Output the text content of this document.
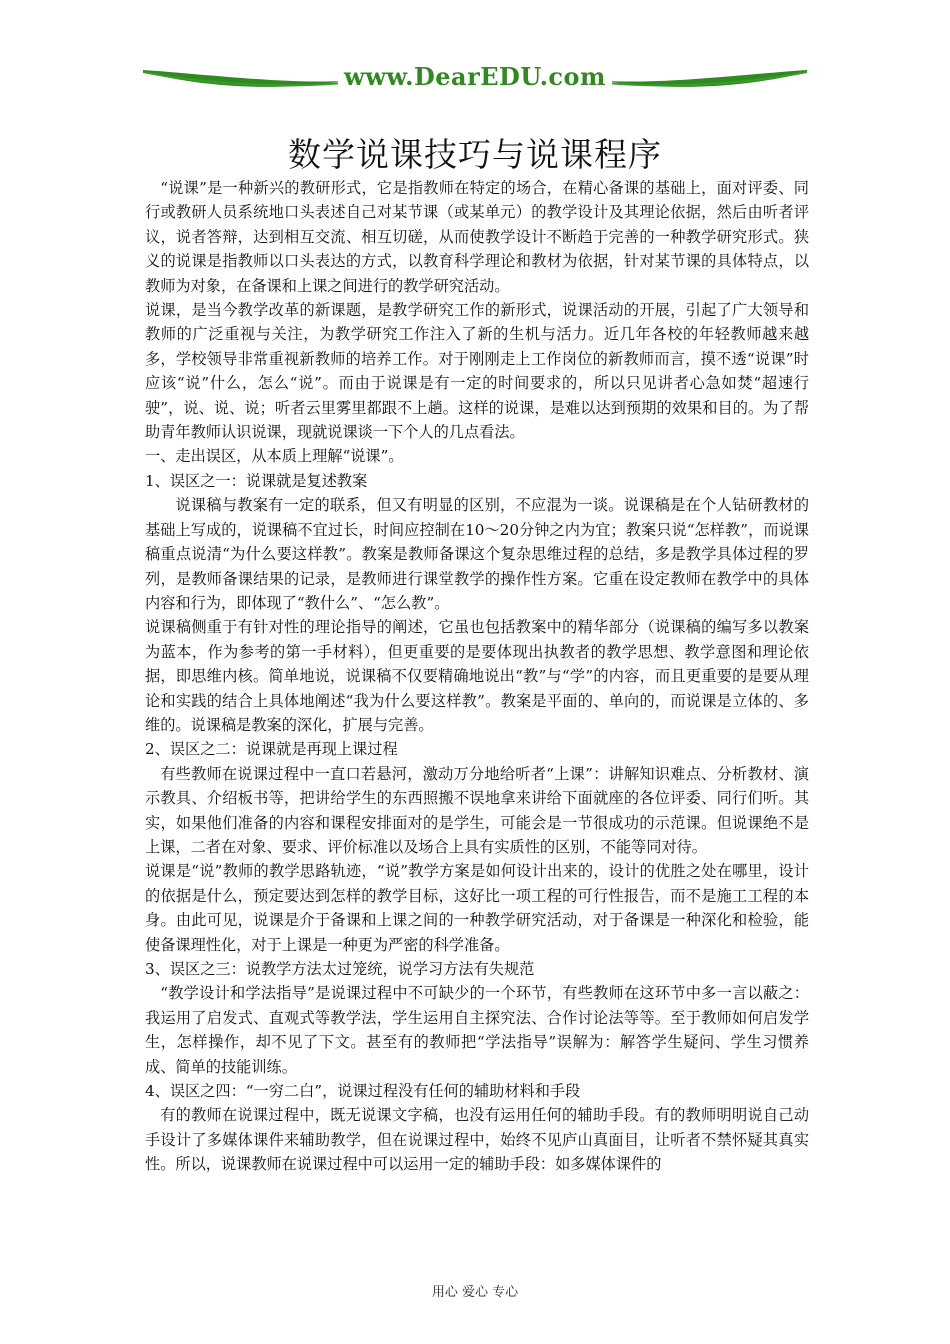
www.DearEDU.com
数学说课技巧与说课程序

“说课”是一种新兴的教研形式，它是指教师在特定的场合，在精心备课的基础上，面对评委、同行或教研人员系统地口头表述自己对某节课（或某单元）的教学设计及其理论依据，然后由听者评议，说者答辩，达到相互交流、相互切磋，从而使教学设计不断趋于完善的一种教学研究形式。狭义的说课是指教师以口头表达的方式，以教育科学理论和教材为依据，针对某节课的具体特点，以教师为对象，在备课和上课之间进行的教学研究活动。

说课，是当今教学改革的新课题，是教学研究工作的新形式，说课活动的开展，引起了广大领导和教师的广泛重视与关注，为教学研究工作注入了新的生机与活力。近几年各校的年轻教师越来越多，学校领导非常重视新教师的培养工作。对于刚刚走上工作岗位的新教师而言，摸不透“说课”时应该“说”什么，怎么“说”。而由于说课是有一定的时间要求的，所以只见讲者心急如焚“超速行驶”，说、说、说；听者云里雾里都跟不上趟。这样的说课，是难以达到预期的效果和目的。为了帮助青年教师认识说课，现就说课谈一下个人的几点看法。

一、走出误区，从本质上理解“说课”。

1、误区之一：说课就是复述教案

说课稿与教案有一定的联系，但又有明显的区别，不应混为一谈。说课稿是在个人钻研教材的基础上写成的，说课稿不宜过长，时间应控制在10～20分钟之内为宜；教案只说“怎样教”，而说课稿重点说清“为什么要这样教”。教案是教师备课这个复杂思维过程的总结，多是教学具体过程的罗列，是教师备课结果的记录，是教师进行课堂教学的操作性方案。它重在设定教师在教学中的具体内容和行为，即体现了“教什么”、“怎么教”。

说课稿侧重于有针对性的理论指导的阐述，它虽也包括教案中的精华部分（说课稿的编写多以教案为蓝本，作为参考的第一手材料），但更重要的是要体现出执教者的教学思想、教学意图和理论依据，即思维内核。简单地说，说课稿不仅要精确地说出“教”与“学”的内容，而且更重要的是要从理论和实践的结合上具体地阐述“我为什么要这样教”。教案是平面的、单向的，而说课是立体的、多维的。说课稿是教案的深化，扩展与完善。

2、误区之二：说课就是再现上课过程

有些教师在说课过程中一直口若悬河，激动万分地给听者“上课”：讲解知识难点、分析教材、演示教具、介绍板书等，把讲给学生的东西照搬不误地拿来讲给下面就座的各位评委、同行们听。其实，如果他们准备的内容和课程安排面对的是学生，可能会是一节很成功的示范课。但说课绝不是上课，二者在对象、要求、评价标准以及场合上具有实质性的区别，不能等同对待。

说课是“说”教师的教学思路轨迹，“说”教学方案是如何设计出来的，设计的优胜之处在哪里，设计的依据是什么，预定要达到怎样的教学目标，这好比一项工程的可行性报告，而不是施工工程的本身。由此可见，说课是介于备课和上课之间的一种教学研究活动，对于备课是一种深化和检验，能使备课理性化，对于上课是一种更为严密的科学准备。

3、误区之三：说教学方法太过笼统，说学习方法有失规范

“教学设计和学法指导”是说课过程中不可缺少的一个环节，有些教师在这环节中多一言以蔽之：我运用了启发式、直观式等教学法，学生运用自主探究法、合作讨论法等等。至于教师如何启发学生，怎样操作，却不见了下文。甚至有的教师把“学法指导”误解为：解答学生疑问、学生习惯养成、简单的技能训练。

4、误区之四：“一穷二白”，说课过程没有任何的辅助材料和手段

有的教师在说课过程中，既无说课文字稿，也没有运用任何的辅助手段。有的教师明明说自己动手设计了多媒体课件来辅助教学，但在说课过程中，始终不见庐山真面目，让听者不禁怀疑其真实性。所以，说课教师在说课过程中可以运用一定的辅助手段：如多媒体课件的

用心 爱心 专心
